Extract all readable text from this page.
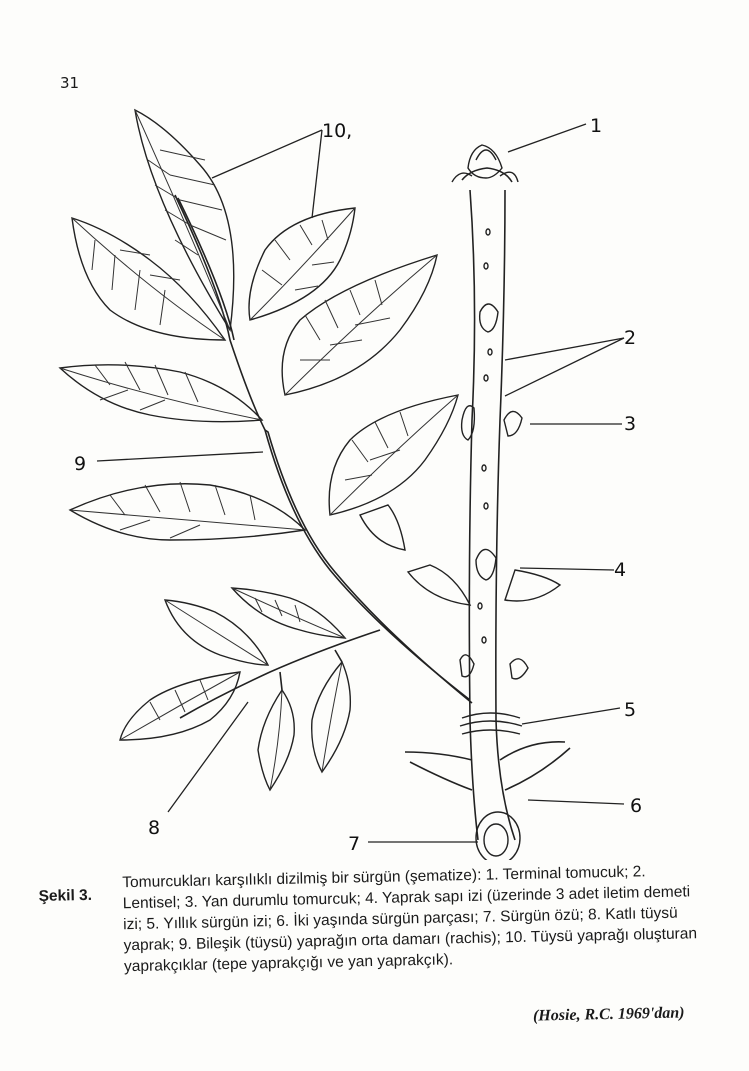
31
1
10,
2
3
9
4
5
6
8
7
Şekil 3.
Tomurcukları karşılıklı dizilmiş bir sürgün (şematize): 1. Terminal tomucuk; 2. Lentisel; 3. Yan durumlu tomurcuk; 4. Yaprak sapı izi (üzerinde 3 adet iletim demeti izi; 5. Yıllık sürgün izi; 6. İki yaşında sürgün parçası; 7. Sürgün özü; 8. Katlı tüysü yaprak; 9. Bileşik (tüysü) yaprağın orta damarı (rachis); 10. Tüysü yaprağı oluşturan yaprakçıklar (tepe yaprakçığı ve yan yaprakçık).
(Hosie, R.C. 1969'dan)
